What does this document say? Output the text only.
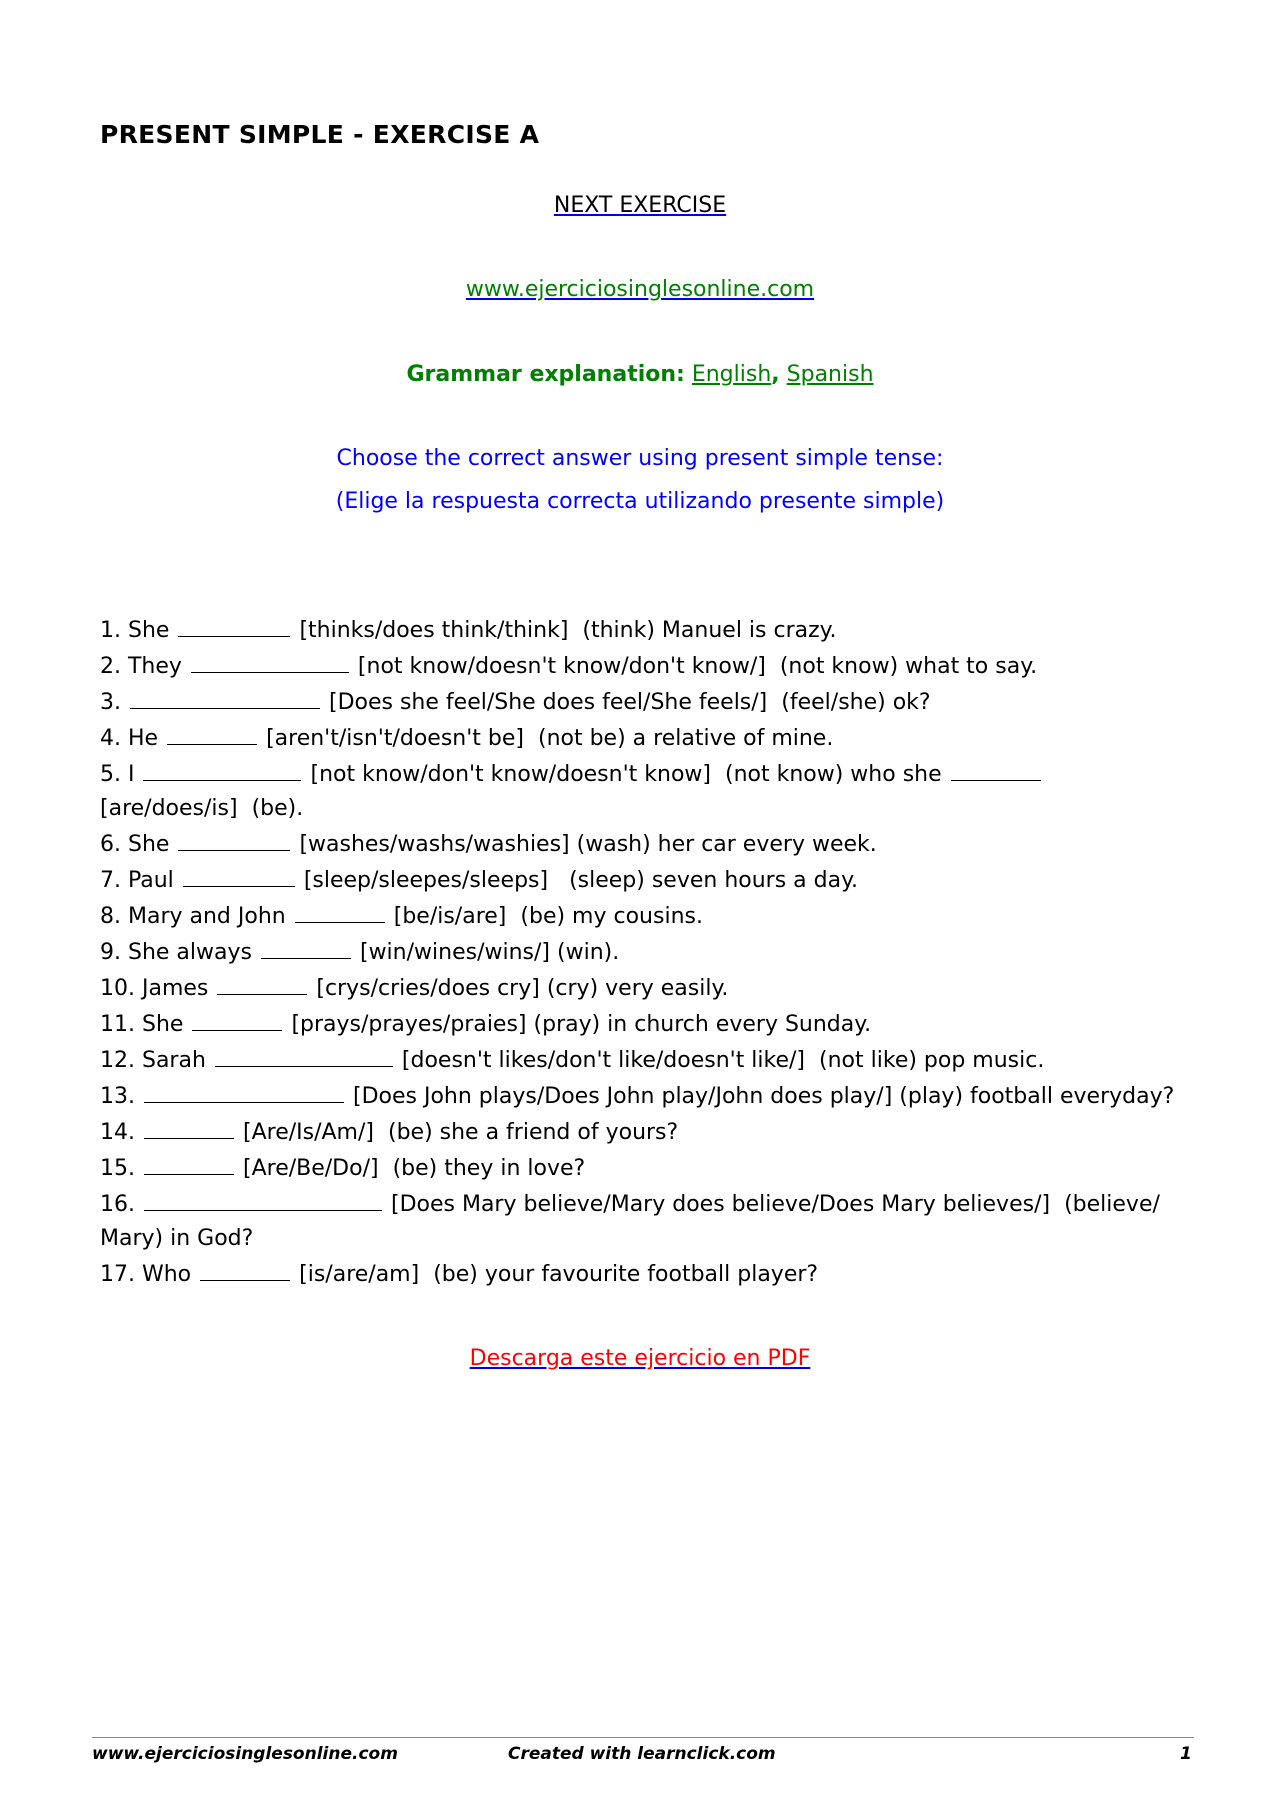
PRESENT SIMPLE - EXERCISE A
NEXT EXERCISE
www.ejerciciosinglesonline.com
Grammar explanation: English, Spanish
Choose the correct answer using present simple tense:
(Elige la respuesta correcta utilizando presente simple)
1. She	[thinks/does think/think] (think) Manuel is crazy.
2. They	[not know/doesn't know/don't know/] (not know) what to say.
3.	[Does she feel/She does feel/She feels/] (feel/she) ok?
4. He	[aren't/isn't/doesn't be] (not be) a relative of mine.
5. I	[not know/don't know/doesn't know] (not know) who she
[are/does/is] (be).
6. She	[washes/washs/washies] (wash) her car every week.
7. Paul	[sleep/sleepes/sleeps] (sleep) seven hours a day.
8. Mary and John	[be/is/are] (be) my cousins.
9. She always	[win/wines/wins/] (win).
10. James	[crys/cries/does cry] (cry) very easily.
11. She	[prays/prayes/praies] (pray) in church every Sunday.
12. Sarah	[doesn't likes/don't like/doesn't like/] (not like) pop music.
13.	[Does John plays/Does John play/John does play/] (play) football everyday?
14.	[Are/Is/Am/] (be) she a friend of yours?
15.	[Are/Be/Do/] (be) they in love?
16.	[Does Mary believe/Mary does believe/Does Mary believes/] (believe/ Mary) in God?
17. Who	[is/are/am] (be) your favourite football player?
Descarga este ejercicio en PDF
www.ejerciciosinglesonline.com	Created with learnclick.com	1
